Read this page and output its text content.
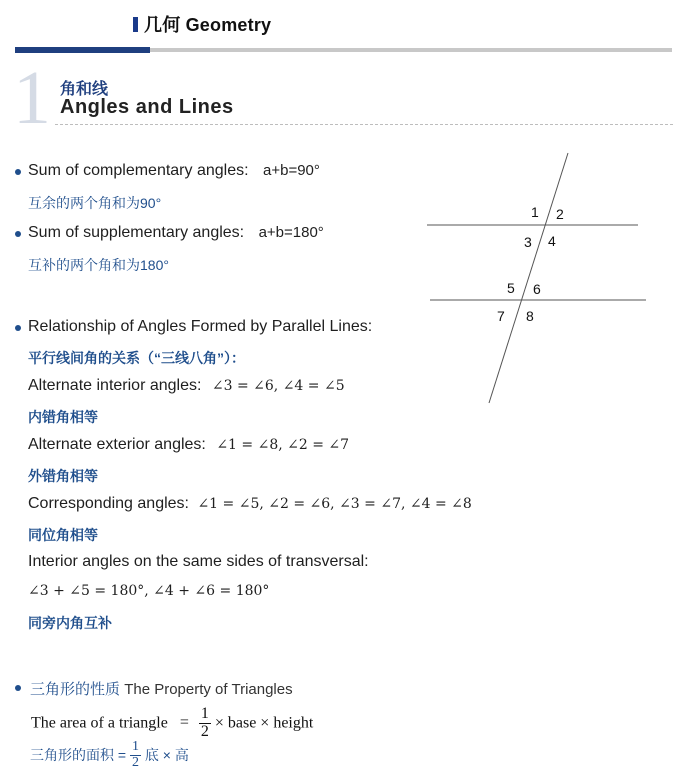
几何 Geometry
1 角和线
Angles and Lines
Sum of complementary angles: a+b=90°
互余的两个角和为90°
Sum of supplementary angles: a+b=180°
互补的两个角和为180°
Relationship of Angles Formed by Parallel Lines:
平行线间角的关系（“三线八角”）：
Alternate interior angles: ∠3 = ∠6, ∠4 = ∠5
内错角相等
Alternate exterior angles: ∠1 = ∠8, ∠2 = ∠7
外错角相等
Corresponding angles: ∠1 = ∠5, ∠2 = ∠6, ∠3 = ∠7, ∠4 = ∠8
同位角相等
Interior angles on the same sides of transversal:
∠3 + ∠5 = 180°, ∠4 + ∠6 = 180°
同旁内角互补
1 2
3 4
5 6
7 8
三角形的性质 The Property of Triangles
The area of a triangle = $\frac{1}{2}$ × base × height
三角形的面积 = $\frac{1}{2}$ 底 × 高
